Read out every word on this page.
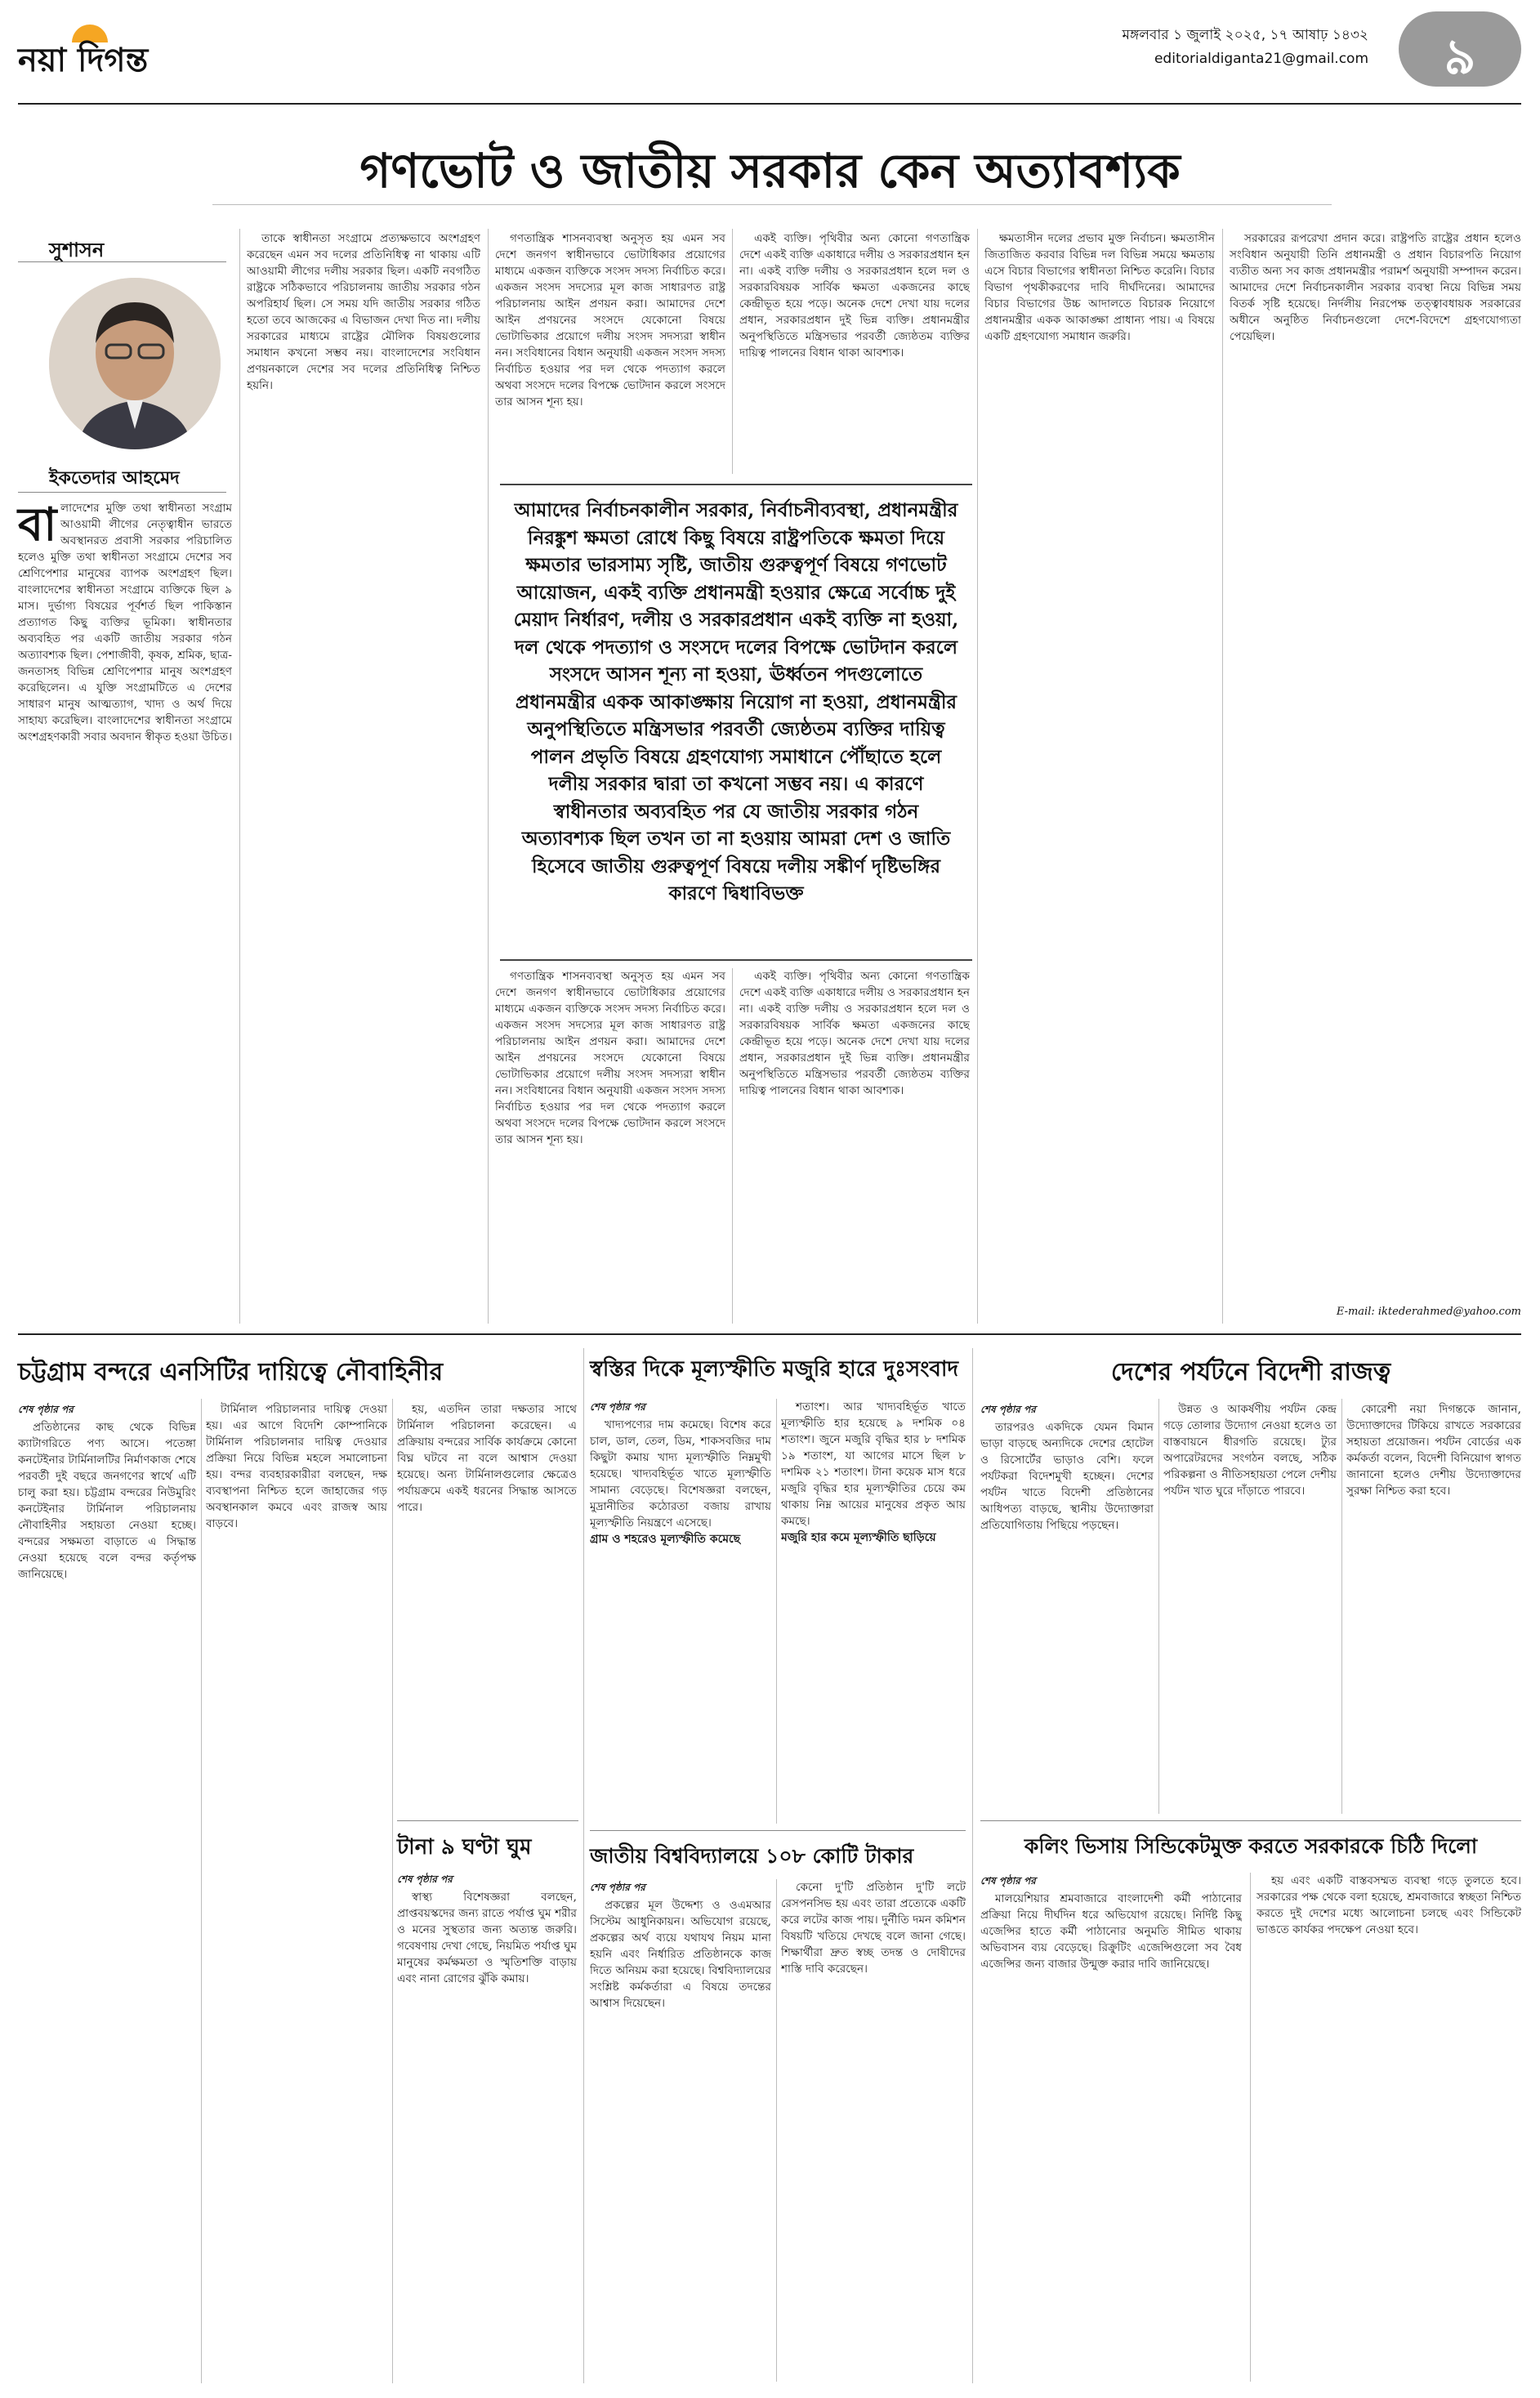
নয়া দিগন্ত
মঙ্গলবার ১ জুলাই ২০২৫, ১৭ আষাঢ় ১৪৩২
editorialdiganta21@gmail.com	৯
গণভোট ও জাতীয় সরকার কেন অত্যাবশ্যক
সুশাসন
ইকতেদার আহমেদ
বা লাদেশের মুক্তি তথা স্বাধীনতা সংগ্রাম আওয়ামী লীগের নেতৃত্বাধীন ভারতে অবস্থানরত প্রবাসী সরকার পরিচালিত হলেও মুক্তি তথা স্বাধীনতা সংগ্রামে দেশের সব শ্রেণিপেশার মানুষের ব্যাপক অংশগ্রহণ ছিল। বাংলাদেশের স্বাধীনতা সংগ্রামে ব্যক্তিকে ছিল ৯ মাস। দুর্ভাগ্য বিষয়ের পূর্বশর্ত ছিল পাকিস্তান প্রত্যাগত কিছু ব্যক্তির ভূমিকা। স্বাধীনতার অব্যবহিত পর একটি জাতীয় সরকার গঠন অত্যাবশ্যক ছিল। পেশাজীবী, কৃষক, শ্রমিক, ছাত্র-জনতাসহ বিভিন্ন শ্রেণিপেশার মানুষ অংশগ্রহণ করেছিলেন। এ যুক্তি সংগ্রামটিতে এ দেশের সাধারণ মানুষ আত্মত্যাগ, খাদ্য ও অর্থ দিয়ে সাহায্য করেছিল। বাংলাদেশের স্বাধীনতা সংগ্রামে অংশগ্রহণকারী সবার অবদান স্বীকৃত হওয়া উচিত।

তাকে স্বাধীনতা সংগ্রামে প্রত্যক্ষভাবে অংশগ্রহণ করেছেন এমন সব দলের প্রতিনিধিত্ব না থাকায় এটি আওয়ামী লীগের দলীয় সরকার ছিল। একটি নবগঠিত রাষ্ট্রকে সঠিকভাবে পরিচালনায় জাতীয় সরকার গঠন অপরিহার্য ছিল। সে সময় যদি জাতীয় সরকার গঠিত হতো তবে আজকের এ বিভাজন দেখা দিত না। দলীয় সরকারের মাধ্যমে রাষ্ট্রের মৌলিক বিষয়গুলোর সমাধান কখনো সম্ভব নয়। বাংলাদেশের সংবিধান প্রণয়নকালে দেশের সব দলের প্রতিনিধিত্ব নিশ্চিত হয়নি।

গণতান্ত্রিক শাসনব্যবস্থা অনুসৃত হয় এমন সব দেশে জনগণ স্বাধীনভাবে ভোটাধিকার প্রয়োগের মাধ্যমে একজন ব্যক্তিকে সংসদ সদস্য নির্বাচিত করে। একজন সংসদ সদস্যের মূল কাজ সাধারণত রাষ্ট্র পরিচালনায় আইন প্রণয়ন করা। আমাদের দেশে আইন প্রণয়নের সংসদে যেকোনো বিষয়ে ভোটাভিকার প্রয়োগে দলীয় সংসদ সদস্যরা স্বাধীন নন। সংবিধানের বিধান অনুযায়ী একজন সংসদ সদস্য নির্বাচিত হওয়ার পর দল থেকে পদত্যাগ করলে অথবা সংসদে দলের বিপক্ষে ভোটদান করলে সংসদে তার আসন শূন্য হয়।

একই ব্যক্তি। পৃথিবীর অন্য কোনো গণতান্ত্রিক দেশে একই ব্যক্তি একাধারে দলীয় ও সরকারপ্রধান হন না। একই ব্যক্তি দলীয় ও সরকারপ্রধান হলে দল ও সরকারবিষয়ক সার্বিক ক্ষমতা একজনের কাছে কেন্দ্রীভূত হয়ে পড়ে। অনেক দেশে দেখা যায় দলের প্রধান, সরকারপ্রধান দুই ভিন্ন ব্যক্তি। প্রধানমন্ত্রীর অনুপস্থিতিতে মন্ত্রিসভার পরবর্তী জ্যেষ্ঠতম ব্যক্তির দায়িত্ব পালনের বিধান থাকা আবশ্যক।

ক্ষমতাসীন দলের প্রভাব মুক্ত নির্বাচন। ক্ষমতাসীন জিতাজিত করবার বিভিন্ন দল বিভিন্ন সময়ে ক্ষমতায় এসে বিচার বিভাগের স্বাধীনতা নিশ্চিত করেনি। বিচার বিভাগ পৃথকীকরণের দাবি দীর্ঘদিনের। আমাদের বিচার বিভাগের উচ্চ আদালতে বিচারক নিয়োগে প্রধানমন্ত্রীর একক আকাঙ্ক্ষা প্রাধান্য পায়। এ বিষয়ে একটি গ্রহণযোগ্য সমাধান জরুরি।

সরকারের রূপরেখা প্রদান করে। রাষ্ট্রপতি রাষ্ট্রের প্রধান হলেও সংবিধান অনুযায়ী তিনি প্রধানমন্ত্রী ও প্রধান বিচারপতি নিয়োগ ব্যতীত অন্য সব কাজ প্রধানমন্ত্রীর পরামর্শ অনুযায়ী সম্পাদন করেন। আমাদের দেশে নির্বাচনকালীন সরকার ব্যবস্থা নিয়ে বিভিন্ন সময় বিতর্ক সৃষ্টি হয়েছে। নির্দলীয় নিরপেক্ষ তত্ত্বাবধায়ক সরকারের অধীনে অনুষ্ঠিত নির্বাচনগুলো দেশে-বিদেশে গ্রহণযোগ্যতা পেয়েছিল।

আমাদের নির্বাচনকালীন সরকার, নির্বাচনীব্যবস্থা, প্রধানমন্ত্রীর নিরঙ্কুশ ক্ষমতা রোধে কিছু বিষয়ে রাষ্ট্রপতিকে ক্ষমতা দিয়ে ক্ষমতার ভারসাম্য সৃষ্টি, জাতীয় গুরুত্বপূর্ণ বিষয়ে গণভোট আয়োজন, একই ব্যক্তি প্রধানমন্ত্রী হওয়ার ক্ষেত্রে সর্বোচ্চ দুই মেয়াদ নির্ধারণ, দলীয় ও সরকারপ্রধান একই ব্যক্তি না হওয়া, দল থেকে পদত্যাগ ও সংসদে দলের বিপক্ষে ভোটদান করলে সংসদে আসন শূন্য না হওয়া, ঊর্ধ্বতন পদগুলোতে প্রধানমন্ত্রীর একক আকাঙ্ক্ষায় নিয়োগ না হওয়া, প্রধানমন্ত্রীর অনুপস্থিতিতে মন্ত্রিসভার পরবর্তী জ্যেষ্ঠতম ব্যক্তির দায়িত্ব পালন প্রভৃতি বিষয়ে গ্রহণযোগ্য সমাধানে পৌঁছাতে হলে দলীয় সরকার দ্বারা তা কখনো সম্ভব নয়। এ কারণে স্বাধীনতার অব্যবহিত পর যে জাতীয় সরকার গঠন অত্যাবশ্যক ছিল তখন তা না হওয়ায় আমরা দেশ ও জাতি হিসেবে জাতীয় গুরুত্বপূর্ণ বিষয়ে দলীয় সঙ্কীর্ণ দৃষ্টিভঙ্গির কারণে দ্বিধাবিভক্ত

গণতান্ত্রিক শাসনব্যবস্থা অনুসৃত হয় এমন সব দেশে জনগণ স্বাধীনভাবে ভোটাধিকার প্রয়োগের মাধ্যমে একজন ব্যক্তিকে সংসদ সদস্য নির্বাচিত করে। একজন সংসদ সদস্যের মূল কাজ সাধারণত রাষ্ট্র পরিচালনায় আইন প্রণয়ন করা। আমাদের দেশে আইন প্রণয়নের সংসদে যেকোনো বিষয়ে ভোটাভিকার প্রয়োগে দলীয় সংসদ সদস্যরা স্বাধীন নন। সংবিধানের বিধান অনুযায়ী একজন সংসদ সদস্য নির্বাচিত হওয়ার পর দল থেকে পদত্যাগ করলে অথবা সংসদে দলের বিপক্ষে ভোটদান করলে সংসদে তার আসন শূন্য হয়।

একই ব্যক্তি। পৃথিবীর অন্য কোনো গণতান্ত্রিক দেশে একই ব্যক্তি একাধারে দলীয় ও সরকারপ্রধান হন না। একই ব্যক্তি দলীয় ও সরকারপ্রধান হলে দল ও সরকারবিষয়ক সার্বিক ক্ষমতা একজনের কাছে কেন্দ্রীভূত হয়ে পড়ে। অনেক দেশে দেখা যায় দলের প্রধান, সরকারপ্রধান দুই ভিন্ন ব্যক্তি। প্রধানমন্ত্রীর অনুপস্থিতিতে মন্ত্রিসভার পরবর্তী জ্যেষ্ঠতম ব্যক্তির দায়িত্ব পালনের বিধান থাকা আবশ্যক।

E-mail: iktederahmed@yahoo.com
চট্টগ্রাম বন্দরে এনসিটির দায়িত্বে নৌবাহিনীর
শেষ পৃষ্ঠার পর

প্রতিষ্ঠানের কাছ থেকে বিভিন্ন ক্যাটাগরিতে পণ্য আসে। পতেঙ্গা কনটেইনার টার্মিনালটির নির্মাণকাজ শেষে পরবর্তী দুই বছরে জনগণের স্বার্থে এটি চালু করা হয়। চট্টগ্রাম বন্দরের নিউমুরিং কনটেইনার টার্মিনাল পরিচালনায় নৌবাহিনীর সহায়তা নেওয়া হচ্ছে। বন্দরের সক্ষমতা বাড়াতে এ সিদ্ধান্ত নেওয়া হয়েছে বলে বন্দর কর্তৃপক্ষ জানিয়েছে।

টার্মিনাল পরিচালনার দায়িত্ব দেওয়া হয়। এর আগে বিদেশি কোম্পানিকে টার্মিনাল পরিচালনার দায়িত্ব দেওয়ার প্রক্রিয়া নিয়ে বিভিন্ন মহলে সমালোচনা হয়। বন্দর ব্যবহারকারীরা বলছেন, দক্ষ ব্যবস্থাপনা নিশ্চিত হলে জাহাজের গড় অবস্থানকাল কমবে এবং রাজস্ব আয় বাড়বে।

হয়, এতদিন তারা দক্ষতার সাথে টার্মিনাল পরিচালনা করেছেন। এ প্রক্রিয়ায় বন্দরের সার্বিক কার্যক্রমে কোনো বিঘ্ন ঘটবে না বলে আশ্বাস দেওয়া হয়েছে। অন্য টার্মিনালগুলোর ক্ষেত্রেও পর্যায়ক্রমে একই ধরনের সিদ্ধান্ত আসতে পারে।

টানা ৯ ঘণ্টা ঘুম
শেষ পৃষ্ঠার পর

স্বাস্থ্য বিশেষজ্ঞরা বলছেন, প্রাপ্তবয়স্কদের জন্য রাতে পর্যাপ্ত ঘুম শরীর ও মনের সুস্থতার জন্য অত্যন্ত জরুরি। গবেষণায় দেখা গেছে, নিয়মিত পর্যাপ্ত ঘুম মানুষের কর্মক্ষমতা ও স্মৃতিশক্তি বাড়ায় এবং নানা রোগের ঝুঁকি কমায়।

স্বস্তির দিকে মূল্যস্ফীতি মজুরি হারে দুঃসংবাদ
শেষ পৃষ্ঠার পর

খাদ্যপণ্যের দাম কমেছে। বিশেষ করে চাল, ডাল, তেল, ডিম, শাকসবজির দাম কিছুটা কমায় খাদ্য মূল্যস্ফীতি নিম্নমুখী হয়েছে। খাদ্যবহির্ভূত খাতে মূল্যস্ফীতি সামান্য বেড়েছে। বিশেষজ্ঞরা বলছেন, মুদ্রানীতির কঠোরতা বজায় রাখায় মূল্যস্ফীতি নিয়ন্ত্রণে এসেছে।

গ্রাম ও শহরেও মূল্যস্ফীতি কমেছে

শতাংশ। আর খাদ্যবহির্ভূত খাতে মূল্যস্ফীতি হার হয়েছে ৯ দশমিক ০৪ শতাংশ। জুনে মজুরি বৃদ্ধির হার ৮ দশমিক ১৯ শতাংশ, যা আগের মাসে ছিল ৮ দশমিক ২১ শতাংশ। টানা কয়েক মাস ধরে মজুরি বৃদ্ধির হার মূল্যস্ফীতির চেয়ে কম থাকায় নিম্ন আয়ের মানুষের প্রকৃত আয় কমছে।

মজুরি হার কমে মূল্যস্ফীতি ছাড়িয়ে
জাতীয় বিশ্ববিদ্যালয়ে ১০৮ কোটি টাকার
শেষ পৃষ্ঠার পর

প্রকল্পের মূল উদ্দেশ্য ও ওএমআর সিস্টেম আধুনিকায়ন। অভিযোগ রয়েছে, প্রকল্পের অর্থ ব্যয়ে যথাযথ নিয়ম মানা হয়নি এবং নির্ধারিত প্রতিষ্ঠানকে কাজ দিতে অনিয়ম করা হয়েছে। বিশ্ববিদ্যালয়ের সংশ্লিষ্ট কর্মকর্তারা এ বিষয়ে তদন্তের আশ্বাস দিয়েছেন।

কেনো দু'টি প্রতিষ্ঠান দু'টি লটে রেসপনসিভ হয় এবং তারা প্রত্যেকে একটি করে লটের কাজ পায়। দুর্নীতি দমন কমিশন বিষয়টি খতিয়ে দেখছে বলে জানা গেছে। শিক্ষার্থীরা দ্রুত স্বচ্ছ তদন্ত ও দোষীদের শাস্তি দাবি করেছেন।

দেশের পর্যটনে বিদেশী রাজত্ব
শেষ পৃষ্ঠার পর

তারপরও একদিকে যেমন বিমান ভাড়া বাড়ছে অন্যদিকে দেশের হোটেল ও রিসোর্টের ভাড়াও বেশি। ফলে পর্যটকরা বিদেশমুখী হচ্ছেন। দেশের পর্যটন খাতে বিদেশী প্রতিষ্ঠানের আধিপত্য বাড়ছে, স্থানীয় উদ্যোক্তারা প্রতিযোগিতায় পিছিয়ে পড়ছেন।

উন্নত ও আকর্ষণীয় পর্যটন কেন্দ্র গড়ে তোলার উদ্যোগ নেওয়া হলেও তা বাস্তবায়নে ধীরগতি রয়েছে। ট্যুর অপারেটরদের সংগঠন বলছে, সঠিক পরিকল্পনা ও নীতিসহায়তা পেলে দেশীয় পর্যটন খাত ঘুরে দাঁড়াতে পারবে।

কোরেশী নয়া দিগন্তকে জানান, উদ্যোক্তাদের টিকিয়ে রাখতে সরকারের সহায়তা প্রয়োজন। পর্যটন বোর্ডের এক কর্মকর্তা বলেন, বিদেশী বিনিয়োগ স্বাগত জানানো হলেও দেশীয় উদ্যোক্তাদের সুরক্ষা নিশ্চিত করা হবে।

কলিং ভিসায় সিন্ডিকেটমুক্ত করতে সরকারকে চিঠি দিলো
শেষ পৃষ্ঠার পর

মালয়েশিয়ার শ্রমবাজারে বাংলাদেশী কর্মী পাঠানোর প্রক্রিয়া নিয়ে দীর্ঘদিন ধরে অভিযোগ রয়েছে। নির্দিষ্ট কিছু এজেন্সির হাতে কর্মী পাঠানোর অনুমতি সীমিত থাকায় অভিবাসন ব্যয় বেড়েছে। রিক্রুটিং এজেন্সিগুলো সব বৈধ এজেন্সির জন্য বাজার উন্মুক্ত করার দাবি জানিয়েছে।

হয় এবং একটি বাস্তবসম্মত ব্যবস্থা গড়ে তুলতে হবে। সরকারের পক্ষ থেকে বলা হয়েছে, শ্রমবাজারে স্বচ্ছতা নিশ্চিত করতে দুই দেশের মধ্যে আলোচনা চলছে এবং সিন্ডিকেট ভাঙতে কার্যকর পদক্ষেপ নেওয়া হবে।
